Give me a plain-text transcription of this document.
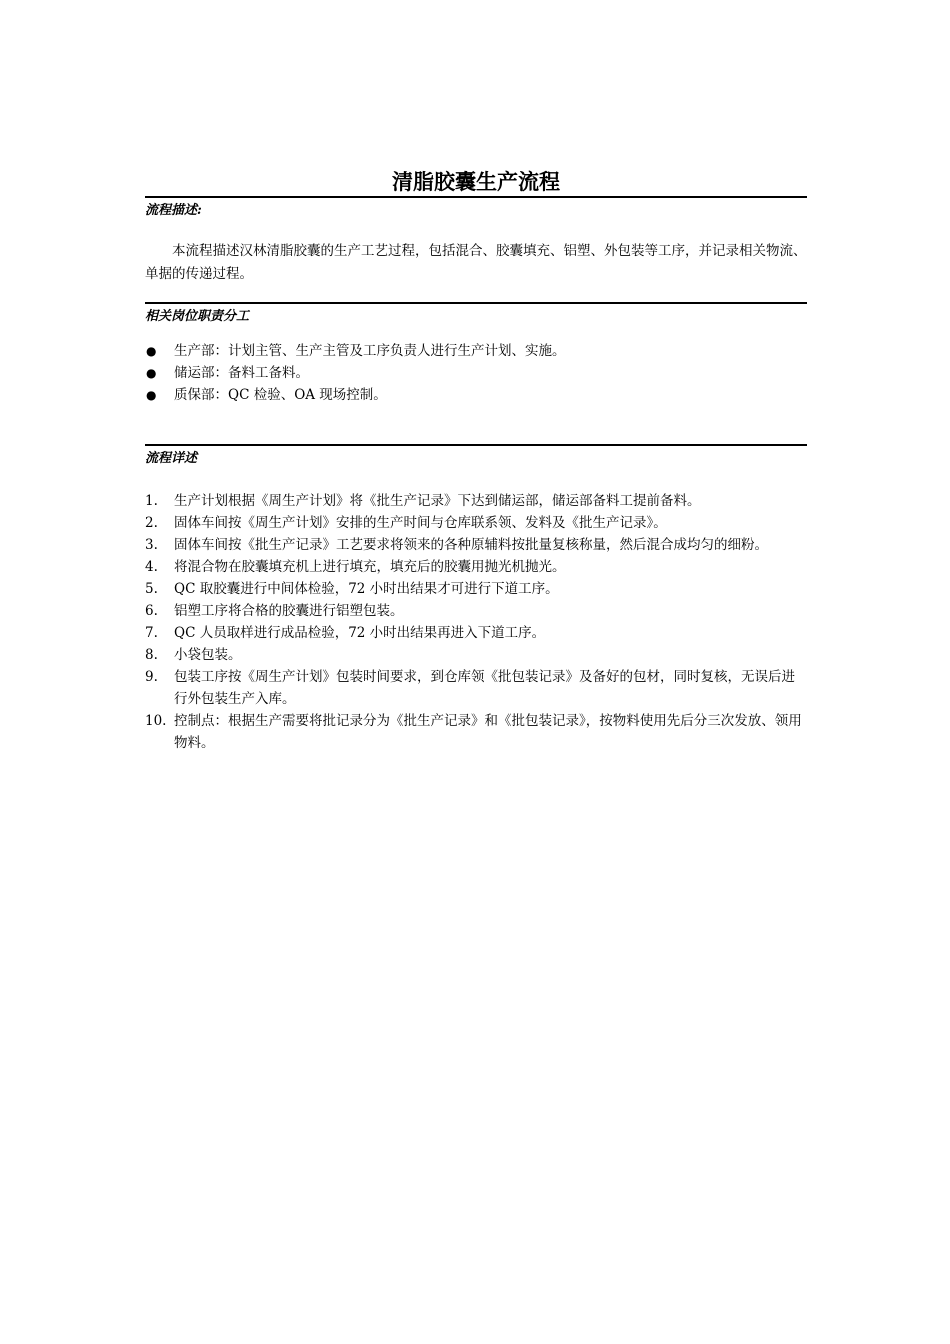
清脂胶囊生产流程
流程描述:

本流程描述汉林清脂胶囊的生产工艺过程，包括混合、胶囊填充、铝塑、外包装等工序，并记录相关物流、单据的传递过程。

相关岗位职责分工
● 生产部：计划主管、生产主管及工序负责人进行生产计划、实施。
● 储运部：备料工备料。
● 质保部：QC 检验、OA 现场控制。
流程详述
1. 生产计划根据《周生产计划》将《批生产记录》下达到储运部，储运部备料工提前备料。
2. 固体车间按《周生产计划》安排的生产时间与仓库联系领、发料及《批生产记录》。
3. 固体车间按《批生产记录》工艺要求将领来的各种原辅料按批量复核称量，然后混合成均匀的细粉。
4. 将混合物在胶囊填充机上进行填充，填充后的胶囊用抛光机抛光。
5. QC 取胶囊进行中间体检验，72 小时出结果才可进行下道工序。
6. 铝塑工序将合格的胶囊进行铝塑包装。
7. QC 人员取样进行成品检验，72 小时出结果再进入下道工序。
8. 小袋包装。
9. 包装工序按《周生产计划》包装时间要求，到仓库领《批包装记录》及备好的包材，同时复核，无误后进行外包装生产入库。
10. 控制点：根据生产需要将批记录分为《批生产记录》和《批包装记录》，按物料使用先后分三次发放、领用物料。
